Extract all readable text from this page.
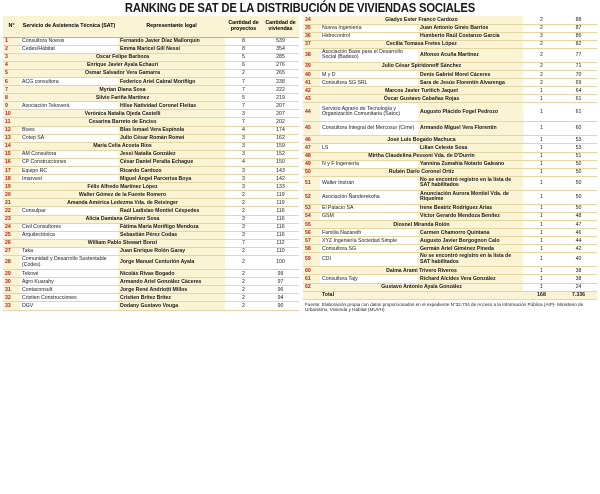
RANKING DE SAT DE LA DISTRIBUCIÓN DE VIVIENDAS SOCIALES
N°	Servicio de Asistencia Técnica (SAT)	Representante legal	Cantidad de proyectos	Cantidad de viviendas
1	Consultora Noesis	Fernando Javier Díaz Mallorquín	8	539
2	Cedes/Hábitat	Emma Maricel Gill Nessi	8	354
3	Óscar Felipe Barboza		5	285
4	Enrique Javier Ayala Echauri		6	276
5	Osmar Salvador Vera Gamarra		2	265
6	ACG consultora	Federico Ariel Cabral Moríñigo	7	238
7	Myrian Diana Sosa		7	222
8	Silvio Fariña Martínez		5	219
9	Asociación Tekoverá	Hilse Natividad Coronel Fleitas	7	207
10	Verónica Natalia Ojeda Castelli		3	207
11	Cesarina Barreto de Enciso		7	202
12	Bives	Blas Ismael Vera Espínola	4	174
13	Cotep SA	Julio César Román Romei	3	162
14	María Celia Acosta Ríos		3	159
15	AM Consultora	Jessi Natalia González	3	152
16	CP Construcciones	César Daniel Peralta Echague	4	150
17	Equipo RC	Ricardo Cardozo	3	143
18	Imarvest	Miguel Ángel Parcerisa Boya	3	142
19	Félix Alfredo Martínez López		3	133
20	Walter Gómez de la Fuente Romero		2	119
21	Amanda América Ledezma Vda. de Reisinger		2	119
22	Consulpar	Raúl Ladislao Montiel Céspedes	2	116
23	Alicia Damiana Giménez Sosa		3	116
24	Civil Consultores	Fátima María Moríñigo Mendoza	3	116
25	Arquitectónica	Sebastián Pérez Codas	3	116
26	William Pablo Stewart Bonzi		7	112
27	Taka	Juan Enrique Rolón Garay	2	110
28	Comunidad y Desarrollo Sustentable (Codes)	Jorge Manuel Centurión Ayala	2	100
29	Tekové	Nicolás Rivas Bogado	2	99
30	Agro Kuarahy	Armando Ariel González Cáceres	2	97
31	Contaconsult	Jorge René Andriotti Millos	2	96
32	Cristien Construcciones	Cristien Britez Britez	2	94
33	DGV	Dodany Gustavo Vouga	2	90
34	Gladys Ester Franco Cardozo		2	88
35	Nueva Ingeniería	Juan Antonio Ginés Barrios	2	87
36	Hidrocontrol	Humberto Raúl Costanzo García	3	86
37	Cecilia Tomasa Fretes López		2	82
38	Asociación Base para el Desarrollo Social (Badeso)	Alfonso Acuña Martínez	2	77
39	Julio César Spiridonoff Sánchez		2	71
40	M y D	Denis Gabriel Morel Cáceres	2	70
41	Consultora SG SRL	Sara de Jesús Florentín Alvarenga	2	69
42	Marcos Javier Turitich Jaquet		1	64
43	Óscar Gustavo Cabañas Rojas		1	61
44	Servicio Agrario de Tecnología y Organización Comunitaria (Satoc)	Augusto Plácido Fogel Pedrozo	1	61
45	Consultora Integral del Mercosur (Cime)	Armando Miguel Vera Florentín	1	60
46	José Luis Bogado Machuca		1	53
47	LS	Lilian Celeste Sosa	1	53
48	Mirtha Claudelina Pessoni Vda. de D'Durrin		1	51
49	N y F Ingeniería	Yannina Zumahia Notario Galeano	1	50
50	Rubén Darío Coronel Ortiz		1	50
51	Walter Instrán	No se encontró registro en la lista de SAT habilitados	1	50
52	Asociación Ñanderekoha	Anunciación Aurora Montiel Vda. de Riquelme	1	50
53	El Palacio SA	Irene Beatriz Rodríguez Arias	1	50
54	GSM	Víctor Gerardo Mendoza Benítez	1	48
55	Diosnel Miranda Rolón		1	47
56	Familia Nazareth	Carmen Chamorro Quintana	1	46
57	XYZ Ingeniería Sociedad Simple	Augusto Javier Borgognon Calo	1	44
58	Consultora SG	Germán Ariel Giménez Pineda	1	42
59	CDI	No se encontró registro en la lista de SAT habilitados	1	40
60	Dalma Arami Trivero Riveros		1	38
61	Consultora Tajy	Richard Alcides Vera González	1	38
62	Gustavo Antonio Ayala González		1	24
	Total		168	7.336
Fuente: Elaboración propia con datos proporcionados en el expediente N°32.734 de Acceso a la Información Pública (AIP)- Ministerio de Urbanismo, Vivienda y Hábitat (MUVH)				
